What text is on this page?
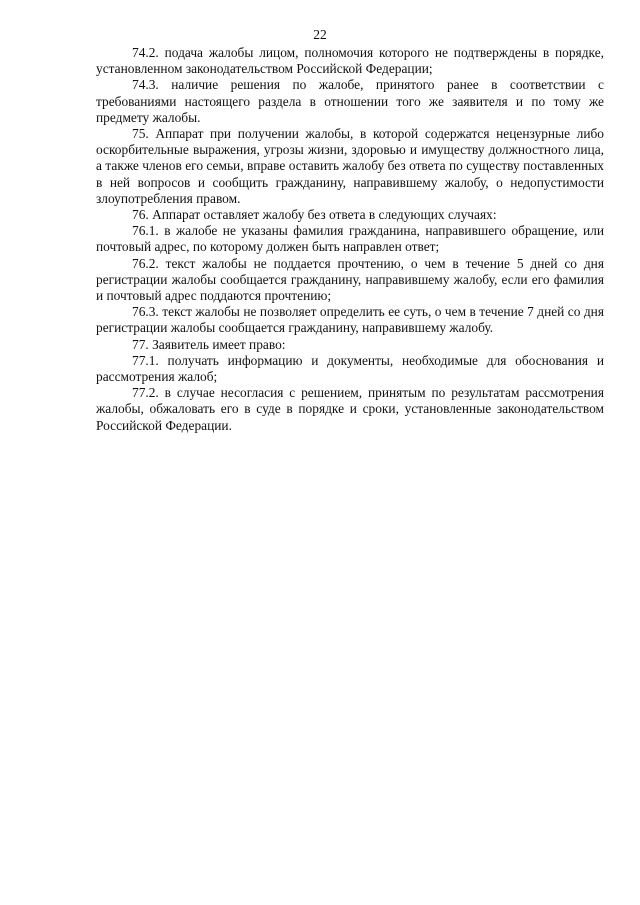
22

74.2. подача жалобы лицом, полномочия которого не подтверждены в порядке, установленном законодательством Российской Федерации;

74.3. наличие решения по жалобе, принятого ранее в соответствии с требованиями настоящего раздела в отношении того же заявителя и по тому же предмету жалобы.

75. Аппарат при получении жалобы, в которой содержатся нецензурные либо оскорбительные выражения, угрозы жизни, здоровью и имуществу должностного лица, а также членов его семьи, вправе оставить жалобу без ответа по существу поставленных в ней вопросов и сообщить гражданину, направившему жалобу, о недопустимости злоупотребления правом.

76. Аппарат оставляет жалобу без ответа в следующих случаях:

76.1. в жалобе не указаны фамилия гражданина, направившего обращение, или почтовый адрес, по которому должен быть направлен ответ;

76.2. текст жалобы не поддается прочтению, о чем в течение 5 дней со дня регистрации жалобы сообщается гражданину, направившему жалобу, если его фамилия и почтовый адрес поддаются прочтению;

76.3. текст жалобы не позволяет определить ее суть, о чем в течение 7 дней со дня регистрации жалобы сообщается гражданину, направившему жалобу.

77. Заявитель имеет право:

77.1. получать информацию и документы, необходимые для обоснования и рассмотрения жалоб;

77.2. в случае несогласия с решением, принятым по результатам рассмотрения жалобы, обжаловать его в суде в порядке и сроки, установленные законодательством Российской Федерации.
